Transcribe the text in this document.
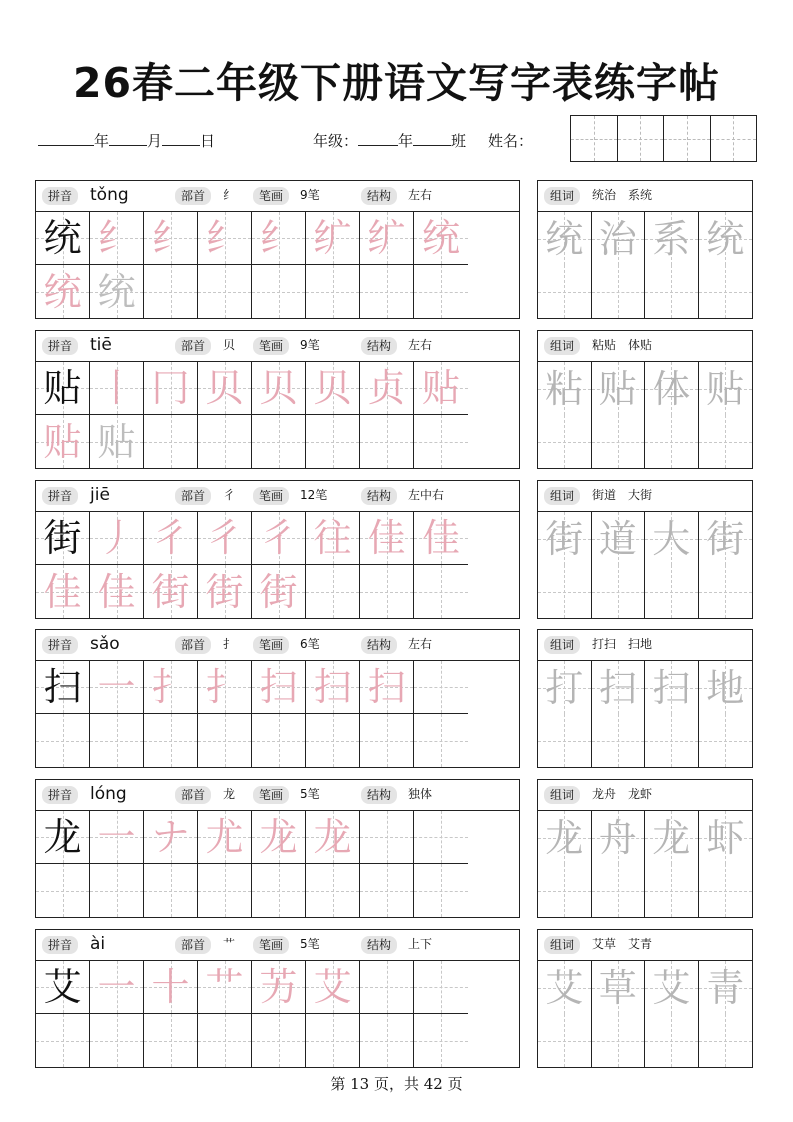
26春二年级下册语文写字表练字帖
年	月	日	年级：	年	班 姓名：
拼音	tǒng	部首	纟	笔画	9笔	结构	左右
统 纟 纟 纟 纟 纩 纩 统
统 统
组词	统治　系统
统 治 系 统
拼音	tiē	部首	贝	笔画	9笔	结构	左右
贴 丨 冂 贝 贝 贝 贞 贴
贴 贴
组词	粘贴　体贴
粘 贴 体 贴
拼音	jiē	部首	彳	笔画	12笔	结构	左中右
街 丿 彳 彳 彳 往 佳 佳
佳 佳 街 街 街
组词	街道　大街
街 道 大 街
拼音	sǎo	部首	扌	笔画	6笔	结构	左右
扫 一 扌 扌 扫 扫 扫
组词	打扫　扫地
打 扫 扫 地
拼音	lóng	部首	龙	笔画	5笔	结构	独体
龙 一 ナ 尤 龙 龙
组词	龙舟　龙虾
龙 舟 龙 虾
拼音	ài	部首	艹	笔画	5笔	结构	上下
艾 一 十 艹 艻 艾
组词	艾草　艾青
艾 草 艾 青
第 13 页，共 42 页
